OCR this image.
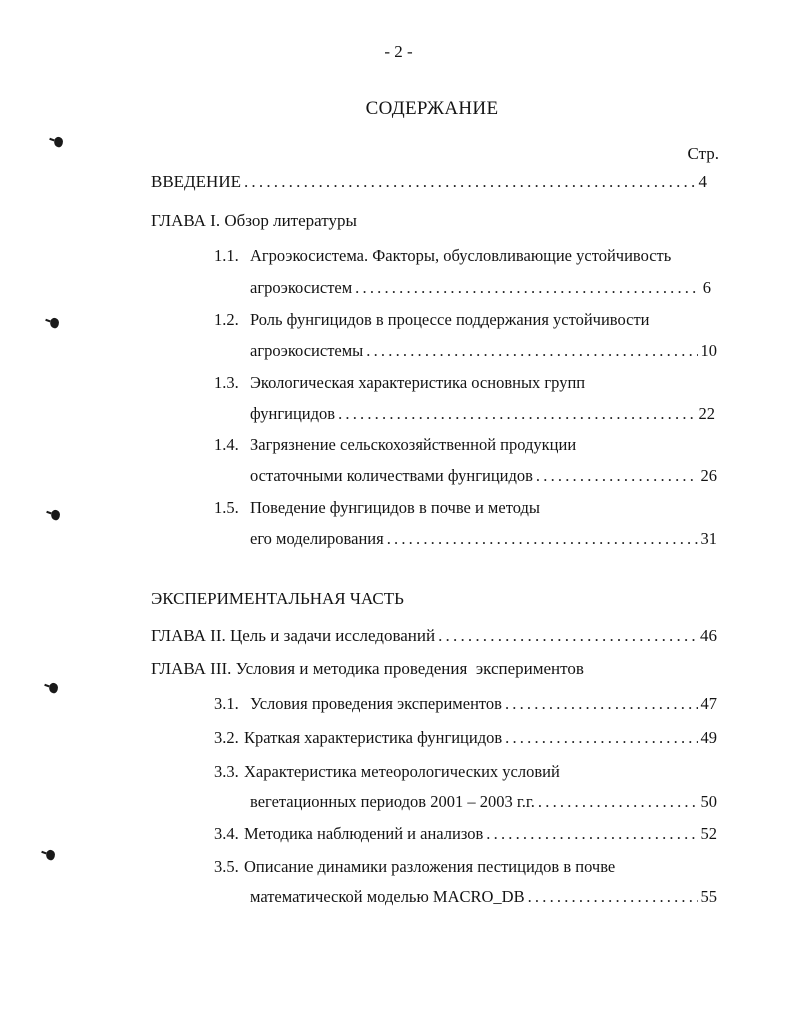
- 2 -
СОДЕРЖАНИЕ
Стр.
ВВЕДЕНИЕ .....	4
ГЛАВА I. Обзор литературы
1.1. Агроэкосистема. Факторы, обусловливающие устойчивость
агроэкосистем .....	6
1.2. Роль фунгицидов в процессе поддержания устойчивости
агроэкосистемы .....	10
1.3. Экологическая характеристика основных групп
фунгицидов .....	22
1.4. Загрязнение сельскохозяйственной продукции
остаточными количествами фунгицидов .....	26
1.5. Поведение фунгицидов в почве и методы
его моделирования .....	31
ЭКСПЕРИМЕНТАЛЬНАЯ ЧАСТЬ
ГЛАВА II. Цель и задачи исследований .....	46
ГЛАВА III. Условия и методика проведения  экспериментов
3.1. Условия проведения экспериментов .....	47
3.2. Краткая характеристика фунгицидов .....	49
3.3. Характеристика метеорологических условий
вегетационных периодов 2001 – 2003 г.г. .....	50
3.4. Методика наблюдений и анализов .....	52
3.5. Описание динамики разложения пестицидов в почве
математической моделью MACRO_DB .....	55
